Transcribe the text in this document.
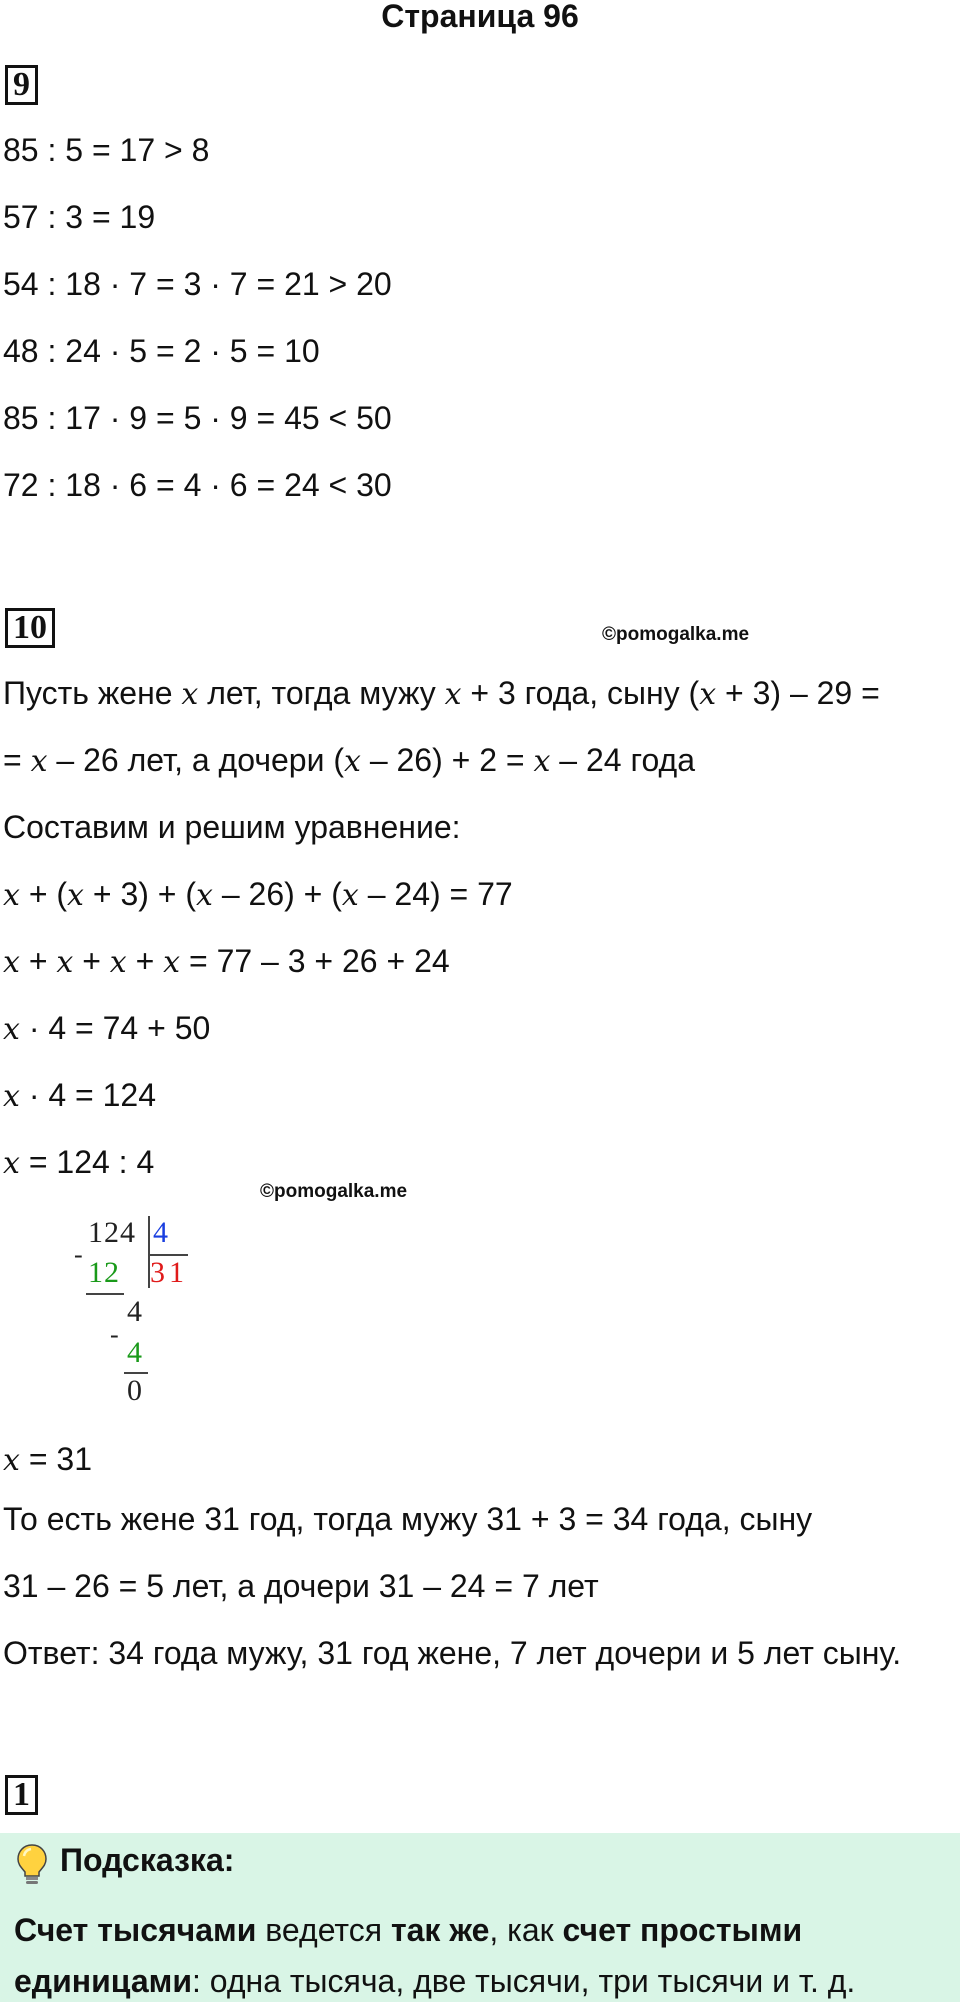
Страница 96
9
85 : 5 = 17 > 8
57 : 3 = 19
54 : 18 · 7 = 3 · 7 = 21 > 20
48 : 24 · 5 = 2 · 5 = 10
85 : 17 · 9 = 5 · 9 = 45 < 50
72 : 18 · 6 = 4 · 6 = 24 < 30
10	©pomogalka.me
Пусть жене x лет, тогда мужу x + 3 года, сыну (x + 3) – 29 =
= x – 26 лет, а дочери (x – 26) + 2 = x – 24 года
Составим и решим уравнение:
x + (x + 3) + (x – 26) + (x – 24) = 77
x + x + x + x = 77 – 3 + 26 + 24
x · 4 = 74 + 50
x · 4 = 124
x = 124 : 4
©pomogalka.me
124 4
-
12 31
4
-
4
0
x = 31
То есть жене 31 год, тогда мужу 31 + 3 = 34 года, сыну
31 – 26 = 5 лет, а дочери 31 – 24 = 7 лет
Ответ: 34 года мужу, 31 год жене, 7 лет дочери и 5 лет сыну.
1
Подсказка:
Счет тысячами ведется так же, как счет простыми
единицами: одна тысяча, две тысячи, три тысячи и т. д.
